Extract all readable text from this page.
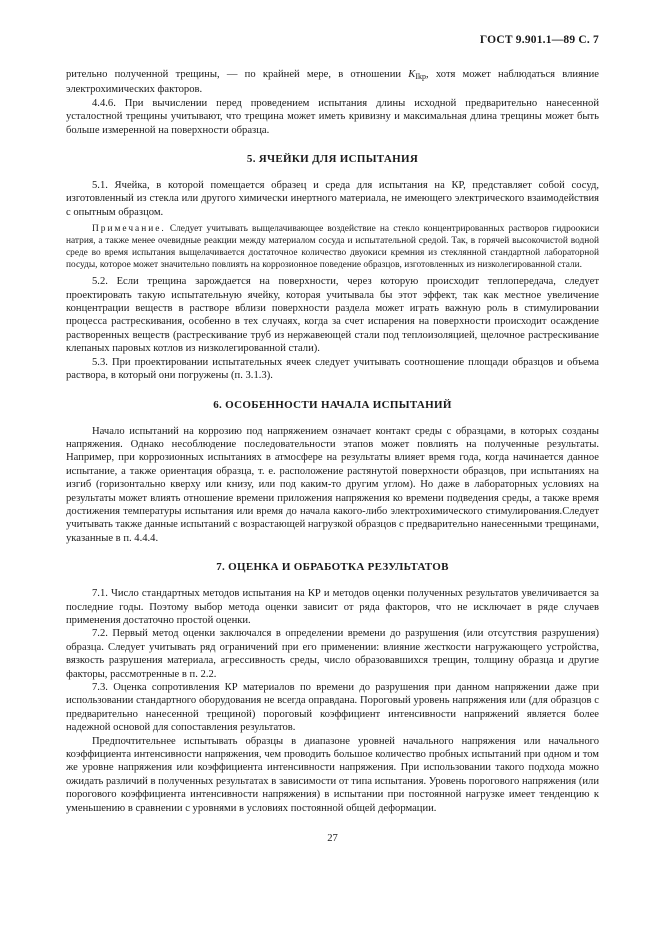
ГОСТ 9.901.1—89 С. 7

рительно полученной трещины, — по крайней мере, в отношении $K_{Ikp}$, хотя может наблюдаться влияние электрохимических факторов.

4.4.6. При вычислении перед проведением испытания длины исходной предварительно нанесенной усталостной трещины учитывают, что трещина может иметь кривизну и максимальная длина трещины может быть больше измеренной на поверхности образца.

5. ЯЧЕЙКИ ДЛЯ ИСПЫТАНИЯ

5.1. Ячейка, в которой помещается образец и среда для испытания на КР, представляет собой сосуд, изготовленный из стекла или другого химически инертного материала, не имеющего электрического взаимодействия с опытным образцом.

Примечание. Следует учитывать выщелачивающее воздействие на стекло концентрированных растворов гидроокиси натрия, а также менее очевидные реакции между материалом сосуда и испытательной средой. Так, в горячей высокочистой водной среде во время испытания выщелачивается достаточное количество двуокиси кремния из стеклянной стандартной лабораторной посуды, которое может значительно повлиять на коррозионное поведение образцов, изготовленных из низколегированной стали.

5.2. Если трещина зарождается на поверхности, через которую происходит теплопередача, следует проектировать такую испытательную ячейку, которая учитывала бы этот эффект, так как местное увеличение концентрации веществ в растворе вблизи поверхности раздела может играть важную роль в стимулировании процесса растрескивания, особенно в тех случаях, когда за счет испарения на поверхности происходит осаждение растворенных веществ (растрескивание труб из нержавеющей стали под теплоизоляцией, щелочное растрескивание клепаных паровых котлов из низколегированной стали).

5.3. При проектировании испытательных ячеек следует учитывать соотношение площади образцов и объема раствора, в который они погружены (п. 3.1.3).

6. ОСОБЕННОСТИ НАЧАЛА ИСПЫТАНИЙ

Начало испытаний на коррозию под напряжением означает контакт среды с образцами, в которых созданы напряжения. Однако несоблюдение последовательности этапов может повлиять на полученные результаты. Например, при коррозионных испытаниях в атмосфере на результаты влияет время года, когда начинается данное испытание, а также ориентация образца, т. е. расположение растянутой поверхности образцов, при испытаниях на изгиб (горизонтально кверху или книзу, или под каким-то другим углом). Но даже в лабораторных условиях на результаты может влиять отношение времени приложения напряжения ко времени подведения среды, а также время достижения температуры испытания или время до начала какого-либо электрохимического стимулирования.Следует учитывать также данные испытаний с возрастающей нагрузкой образцов с предварительно нанесенными трещинами, указанные в п. 4.4.4.

7. ОЦЕНКА И ОБРАБОТКА РЕЗУЛЬТАТОВ

7.1. Число стандартных методов испытания на КР и методов оценки полученных результатов увеличивается за последние годы. Поэтому выбор метода оценки зависит от ряда факторов, что не исключает в ряде случаев применения достаточно простой оценки.

7.2. Первый метод оценки заключался в определении времени до разрушения (или отсутствия разрушения) образца. Следует учитывать ряд ограничений при его применении: влияние жесткости нагружающего устройства, вязкость разрушения материала, агрессивность среды, число образовавшихся трещин, толщину образца и другие факторы, рассмотренные в п. 2.2.

7.3. Оценка сопротивления КР материалов по времени до разрушения при данном напряжении даже при использовании стандартного оборудования не всегда оправдана. Пороговый уровень напряжения или (для образцов с предварительно нанесенной трещиной) пороговый коэффициент интенсивности напряжений является более надежной основой для сопоставления результатов.

Предпочтительнее испытывать образцы в диапазоне уровней начального напряжения или начального коэффициента интенсивности напряжения, чем проводить большое количество пробных испытаний при одном и том же уровне напряжения или коэффициента интенсивности напряжения. При использовании такого подхода можно ожидать различий в полученных результатах в зависимости от типа испытания. Уровень порогового напряжения (или порогового коэффициента интенсивности напряжения) в испытании при постоянной нагрузке имеет тенденцию к уменьшению в сравнении с уровнями в условиях постоянной общей деформации.

27
